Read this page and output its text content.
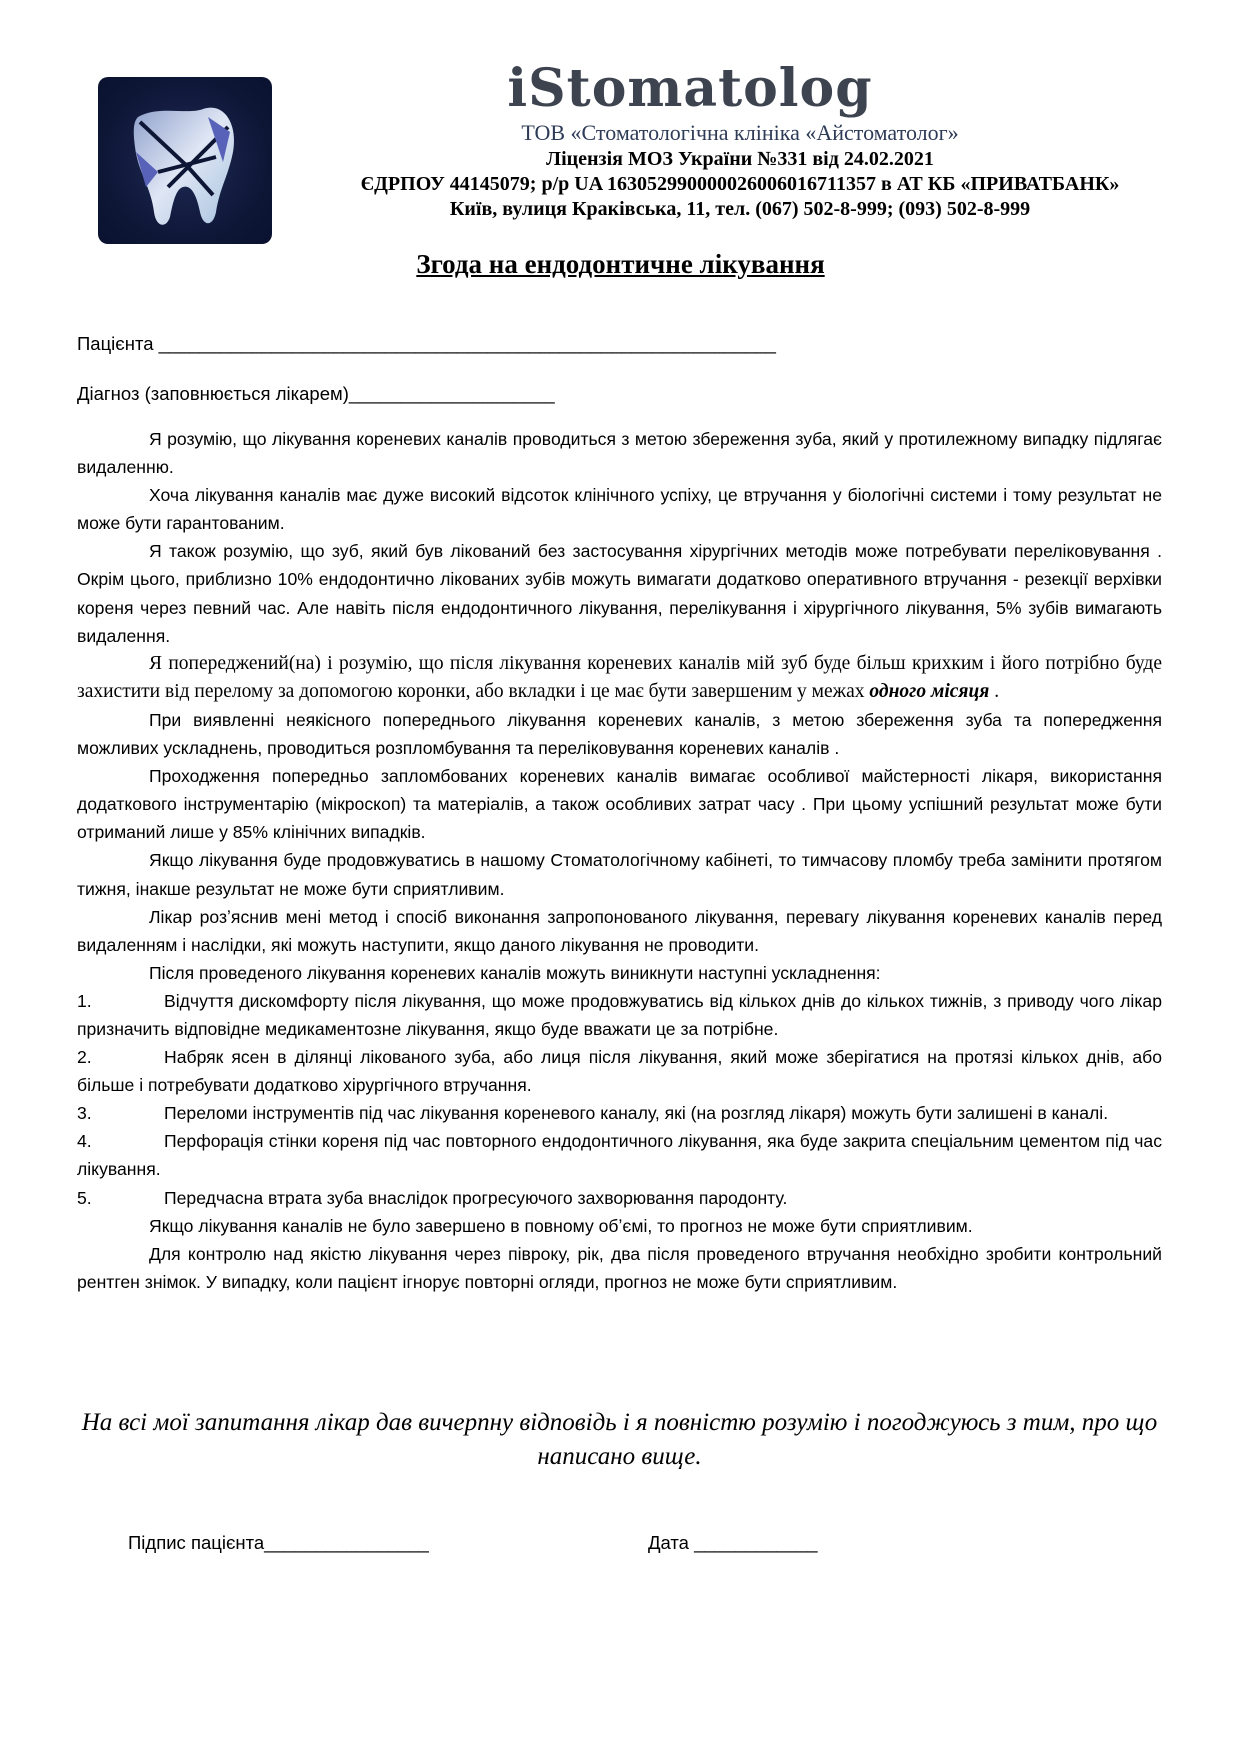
iStomatolog
ТОВ «Стоматологічна клініка «Айстоматолог»
Ліцензія МОЗ України №331 від 24.02.2021
ЄДРПОУ 44145079; р/р UA 163052990000026006016711357 в АТ КБ «ПРИВАТБАНК»
Київ, вулиця Краківська, 11, тел. (067) 502-8-999; (093) 502-8-999
Згода на ендодонтичне лікування
Пацієнта ____________________________________________________________
Діагноз (заповнюється лікарем)____________________

Я розумію, що лікування кореневих каналів проводиться з метою збереження зуба, який у протилежному випадку підлягає видаленню.

Хоча лікування каналів має дуже високий відсоток клінічного успіху, це втручання у біологічні системи і тому результат не може бути гарантованим.

Я також розумію, що зуб, який був лікований без застосування хірургічних методів може потребувати переліковування . Окрім цього, приблизно 10% ендодонтично лікованих зубів можуть вимагати додатково оперативного втручання - резекції верхівки кореня через певний час. Але навіть після ендодонтичного лікування, перелікування і хірургічного лікування, 5% зубів вимагають видалення.

Я попереджений(на) і розумію, що після лікування кореневих каналів мій зуб буде більш крихким і його потрібно буде захистити від перелому за допомогою коронки, або вкладки і це має бути завершеним у межах одного місяця .

При виявленні неякісного попереднього лікування кореневих каналів, з метою збереження зуба та попередження можливих ускладнень, проводиться розпломбування та переліковування кореневих каналів .

Проходження попередньо запломбованих кореневих каналів вимагає особливої майстерності лікаря, використання додаткового інструментарію (мікроскоп) та матеріалів, а також особливих затрат часу . При цьому успішний результат може бути отриманий лише у 85% клінічних випадків.

Якщо лікування буде продовжуватись в нашому Стоматологічному кабінеті, то тимчасову пломбу треба замінити протягом тижня, інакше результат не може бути сприятливим.

Лікар розʼяснив мені метод і спосіб виконання запропонованого лікування, перевагу лікування кореневих каналів перед видаленням і наслідки, які можуть наступити, якщо даного лікування не проводити.

Після проведеного лікування кореневих каналів можуть виникнути наступні ускладнення:

1.	Відчуття дискомфорту після лікування, що може продовжуватись від кількох днів до кількох тижнів, з приводу чого лікар призначить відповідне медикаментозне лікування, якщо буде вважати це за потрібне.

2.	Набряк ясен в ділянці лікованого зуба, або лиця після лікування, який може зберігатися на протязі кількох днів, або більше і потребувати додатково хірургічного втручання.

3.	Переломи інструментів під час лікування кореневого каналу, які (на розгляд лікаря) можуть бути залишені в каналі.

4.	Перфорація стінки кореня під час повторного ендодонтичного лікування, яка буде закрита спеціальним цементом під час лікування.

5.	Передчасна втрата зуба внаслідок прогресуючого захворювання пародонту.

Якщо лікування каналів не було завершено в повному обʼємі, то прогноз не може бути сприятливим.

Для контролю над якістю лікування через півроку, рік, два після проведеного втручання необхідно зробити контрольний рентген знімок. У випадку, коли пацієнт ігнорує повторні огляди, прогноз не може бути сприятливим.

На всі мої запитання лікар дав вичерпну відповідь і я повністю розумію і погоджуюсь з тим, про що написано вище.
Підпис пацієнта________________	Дата ____________
